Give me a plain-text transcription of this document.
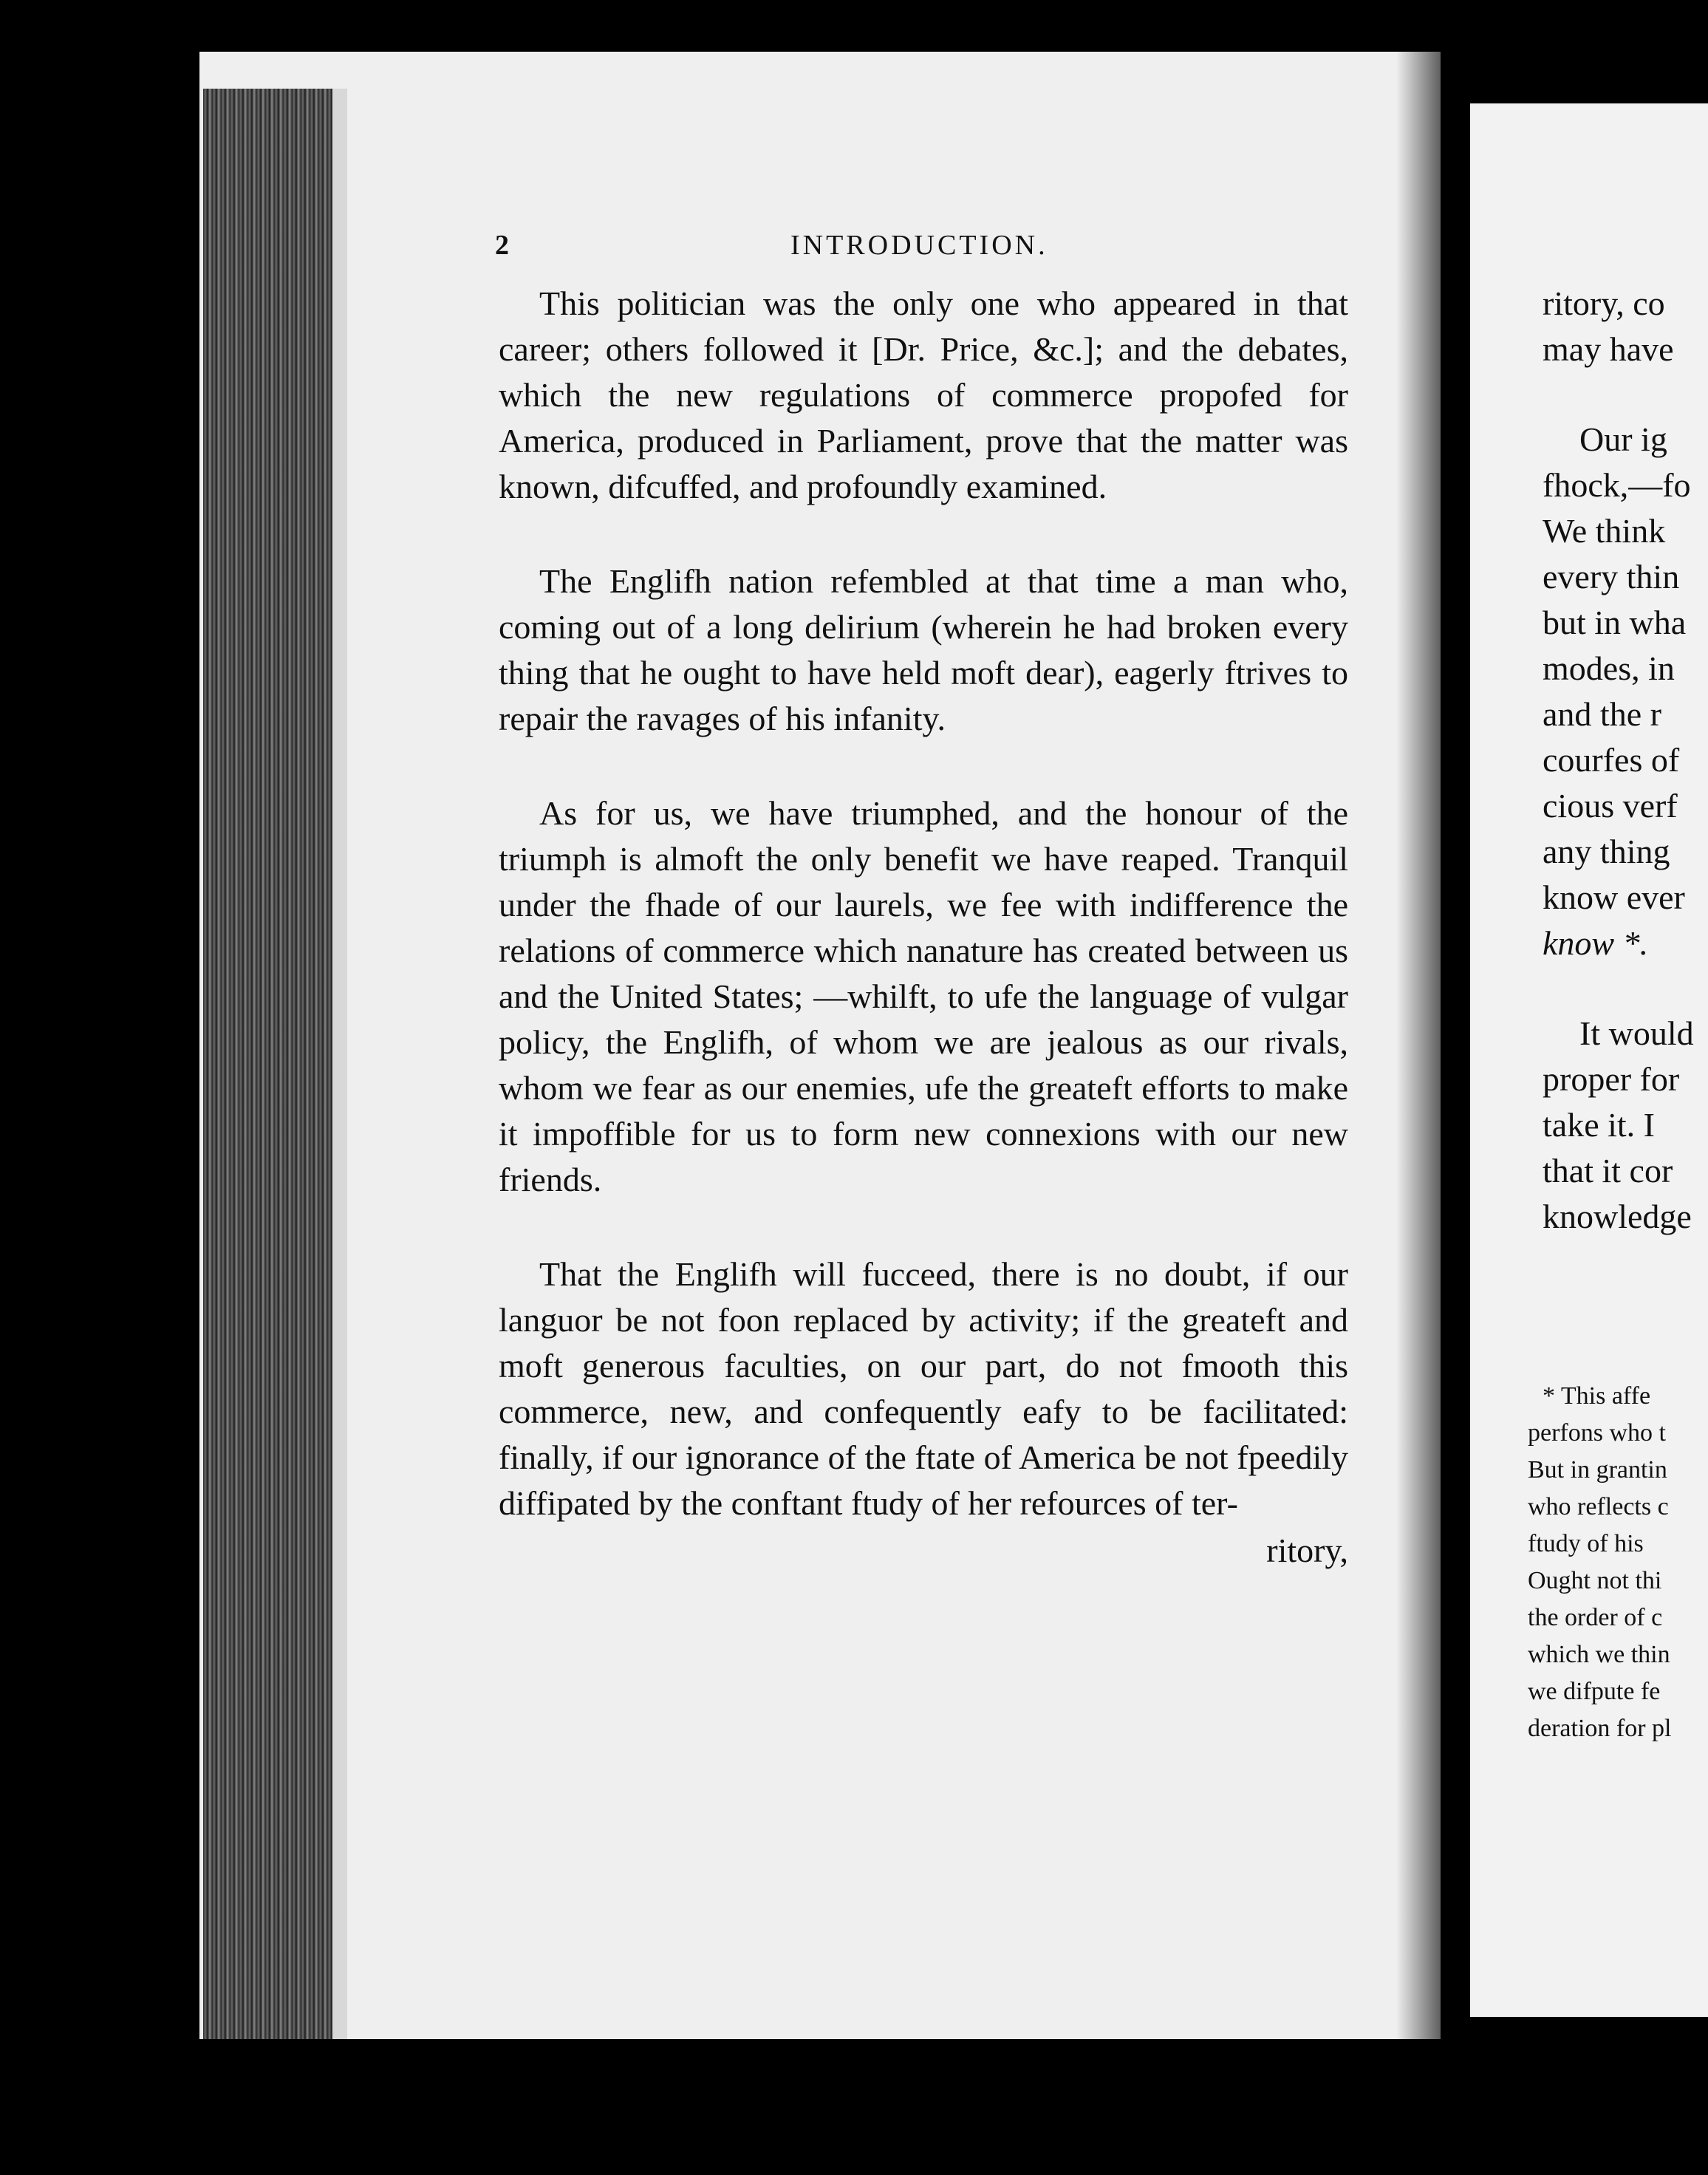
2	INTRODUCTION.

This politician was the only one who appeared in that career; others followed it [Dr. Price, &c.]; and the debates, which the new regulations of commerce propofed for America, produced in Parliament, prove that the matter was known, difcuffed, and profoundly examined.

The Englifh nation refembled at that time a man who, coming out of a long delirium (wherein he had broken every thing that he ought to have held moft dear), eagerly ftrives to repair the ravages of his infanity.

As for us, we have triumphed, and the honour of the triumph is almoft the only benefit we have reaped. Tranquil under the fhade of our laurels, we fee with indifference the relations of commerce which nanature has created between us and the United States; —whilft, to ufe the language of vulgar policy, the Englifh, of whom we are jealous as our rivals, whom we fear as our enemies, ufe the greateft efforts to make it impoffible for us to form new connexions with our new friends.

That the Englifh will fucceed, there is no doubt, if our languor be not foon replaced by activity; if the greateft and moft generous faculties, on our part, do not fmooth this commerce, new, and confequently eafy to be facilitated: finally, if our ignorance of the ftate of America be not fpeedily diffipated by the conftant ftudy of her refources of ter-

ritory,
ritory, co
may have
Our ig
fhock,—fo
We think
every thin
but in wha
modes, in
and the r
courfes of
cious verf
any thing
know ever
know *.
It would
proper for
take it. I
that it cor
knowledge
* This affe
perfons who t
But in grantin
who reflects c
ftudy of his
Ought not thi
the order of c
which we thin
we difpute fe
deration for pl
